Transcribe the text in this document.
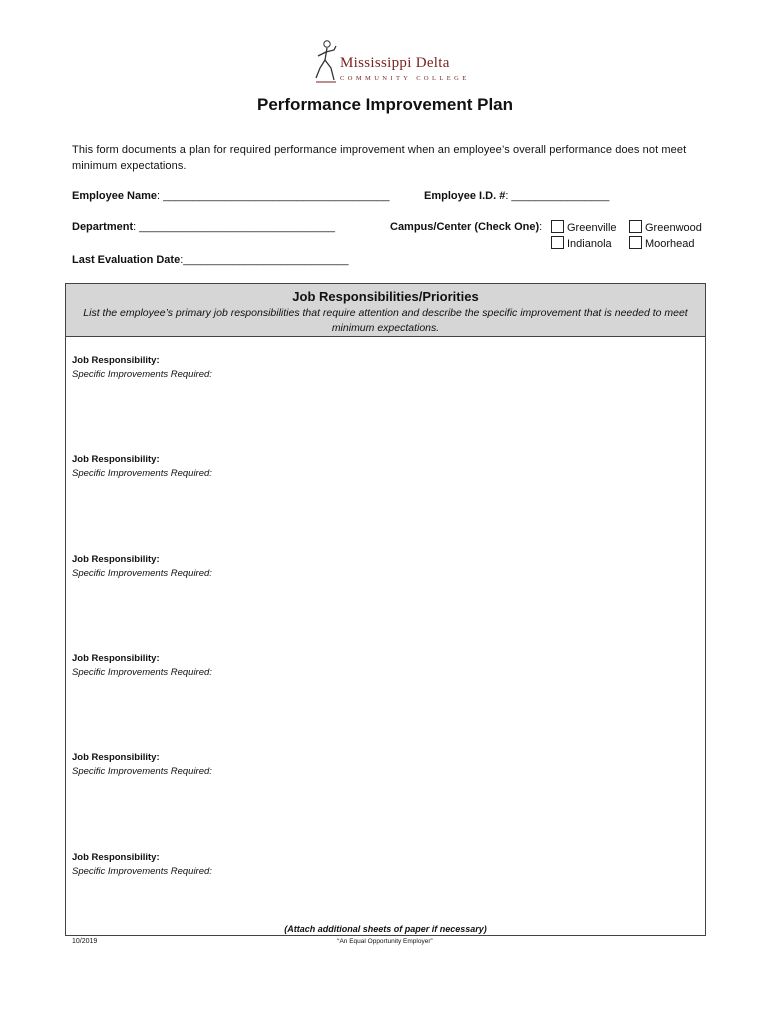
Mississippi Delta
COMMUNITY COLLEGE
Performance Improvement Plan
This form documents a plan for required performance improvement when an employee’s overall performance does not meet minimum expectations.
Employee Name: _____________________________________	Employee I.D. #: ________________
Department: ________________________________	Campus/Center (Check One):	Greenville	Greenwood
Indianola	Moorhead
Last Evaluation Date:___________________________
Job Responsibilities/Priorities
List the employee’s primary job responsibilities that require attention and describe the specific improvement that is needed to meet minimum expectations.
Job Responsibility:
Specific Improvements Required:
Job Responsibility:
Specific Improvements Required:
Job Responsibility:
Specific Improvements Required:
Job Responsibility:
Specific Improvements Required:
Job Responsibility:
Specific Improvements Required:
Job Responsibility:
Specific Improvements Required:
(Attach additional sheets of paper if necessary)
10/2019	“An Equal Opportunity Employer”
